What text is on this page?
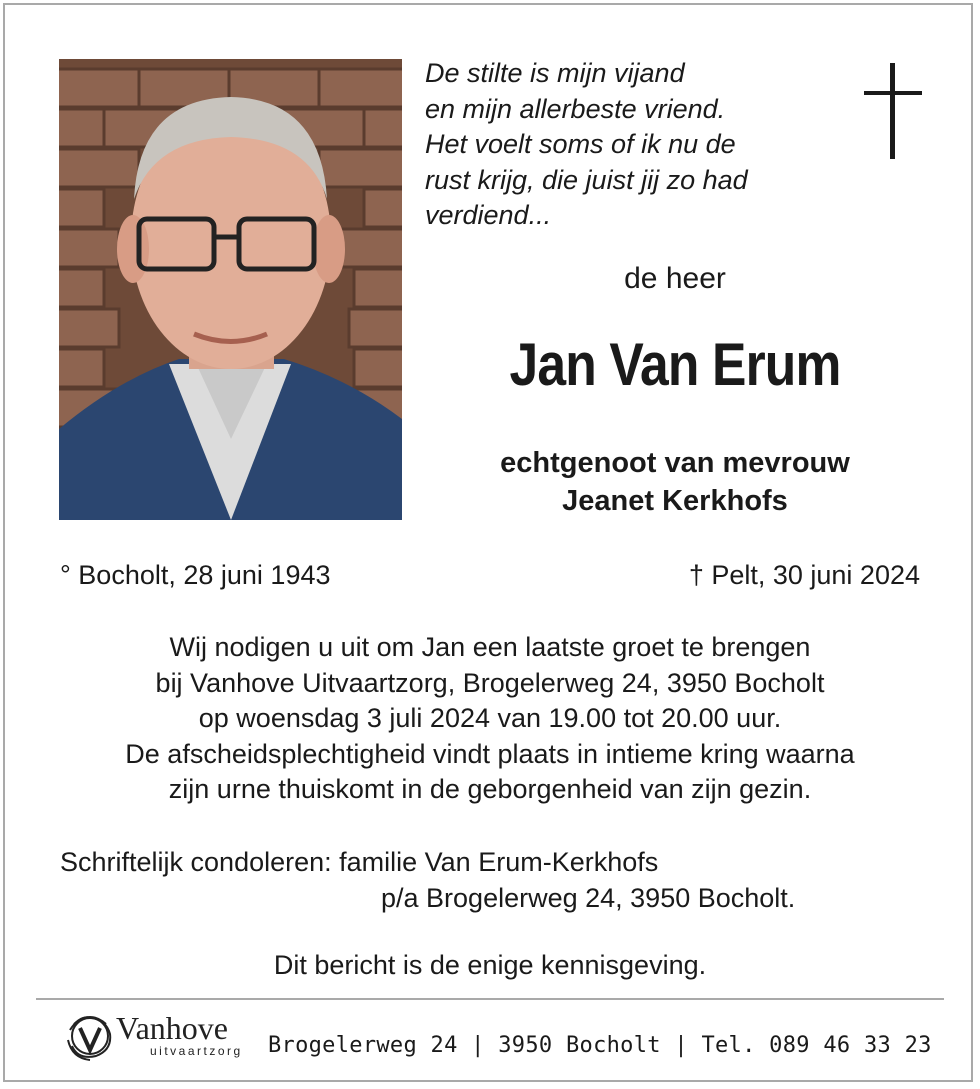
De stilte is mijn vijand
en mijn allerbeste vriend.
Het voelt soms of ik nu de
rust krijg, die juist jij zo had
verdiend...
de heer
Jan Van Erum
echtgenoot van mevrouw
Jeanet Kerkhofs
° Bocholt, 28 juni 1943	† Pelt, 30 juni 2024
Wij nodigen u uit om Jan een laatste groet te brengen
bij Vanhove Uitvaartzorg, Brogelerweg 24, 3950 Bocholt
op woensdag 3 juli 2024 van 19.00 tot 20.00 uur.
De afscheidsplechtigheid vindt plaats in intieme kring waarna
zijn urne thuiskomt in de geborgenheid van zijn gezin.
Schriftelijk condoleren: familie Van Erum-Kerkhofs
p/a Brogelerweg 24, 3950 Bocholt.
Dit bericht is de enige kennisgeving.
Vanhove
uitvaartzorg Brogelerweg 24 | 3950 Bocholt | Tel. 089 46 33 23
